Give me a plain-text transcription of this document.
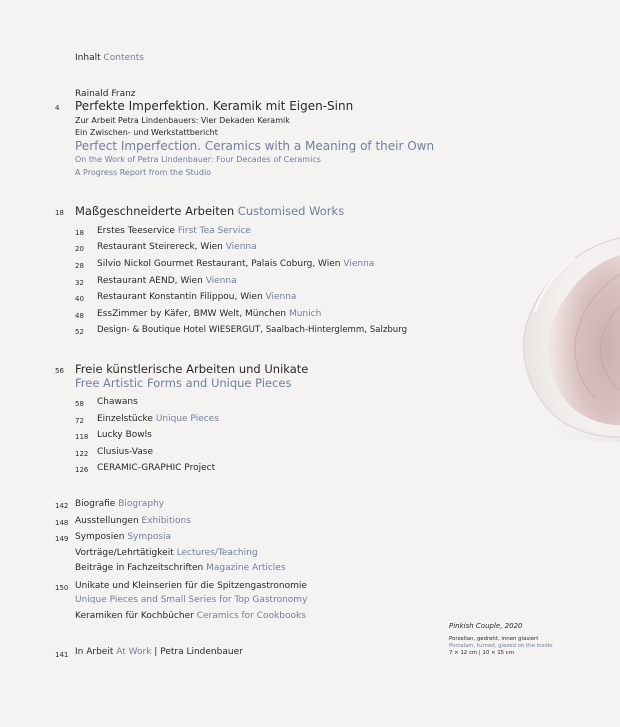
Inhalt Contents
Rainald Franz
4 Perfekte Imperfektion. Keramik mit Eigen-Sinn
Zur Arbeit Petra Lindenbauers: Vier Dekaden Keramik
Ein Zwischen- und Werkstattbericht
Perfect Imperfection. Ceramics with a Meaning of their Own
On the Work of Petra Lindenbauer: Four Decades of Ceramics
A Progress Report from the Studio
18 Maßgeschneiderte Arbeiten Customised Works
18 Erstes Teeservice First Tea Service
20 Restaurant Steirereck, Wien Vienna
28 Silvio Nickol Gourmet Restaurant, Palais Coburg, Wien Vienna
32 Restaurant AEND, Wien Vienna
40 Restaurant Konstantin Filippou, Wien Vienna
48 EssZimmer by Käfer, BMW Welt, München Munich
52 Design- & Boutique Hotel WIESERGUT, Saalbach-Hinterglemm, Salzburg
56 Freie künstlerische Arbeiten und Unikate
Free Artistic Forms and Unique Pieces
58 Chawans
72 Einzelstücke Unique Pieces
118 Lucky Bowls
122 Clusius-Vase
126 CERAMIC-GRAPHIC Project
142 Biografie Biography
148 Ausstellungen Exhibitions
149 Symposien Symposia
Vorträge/Lehrtätigkeit Lectures/Teaching
Beiträge in Fachzeitschriften Magazine Articles
150 Unikate und Kleinserien für die Spitzengastronomie
Unique Pieces and Small Series for Top Gastronomy
Keramiken für Kochbücher Ceramics for Cookbooks
141 In Arbeit At Work | Petra Lindenbauer
Pinkish Couple, 2020
Porzellan, gedreht, innen glasiert
Porcelain, turned, glazed on the inside
7 × 12 cm | 10 × 15 cm
